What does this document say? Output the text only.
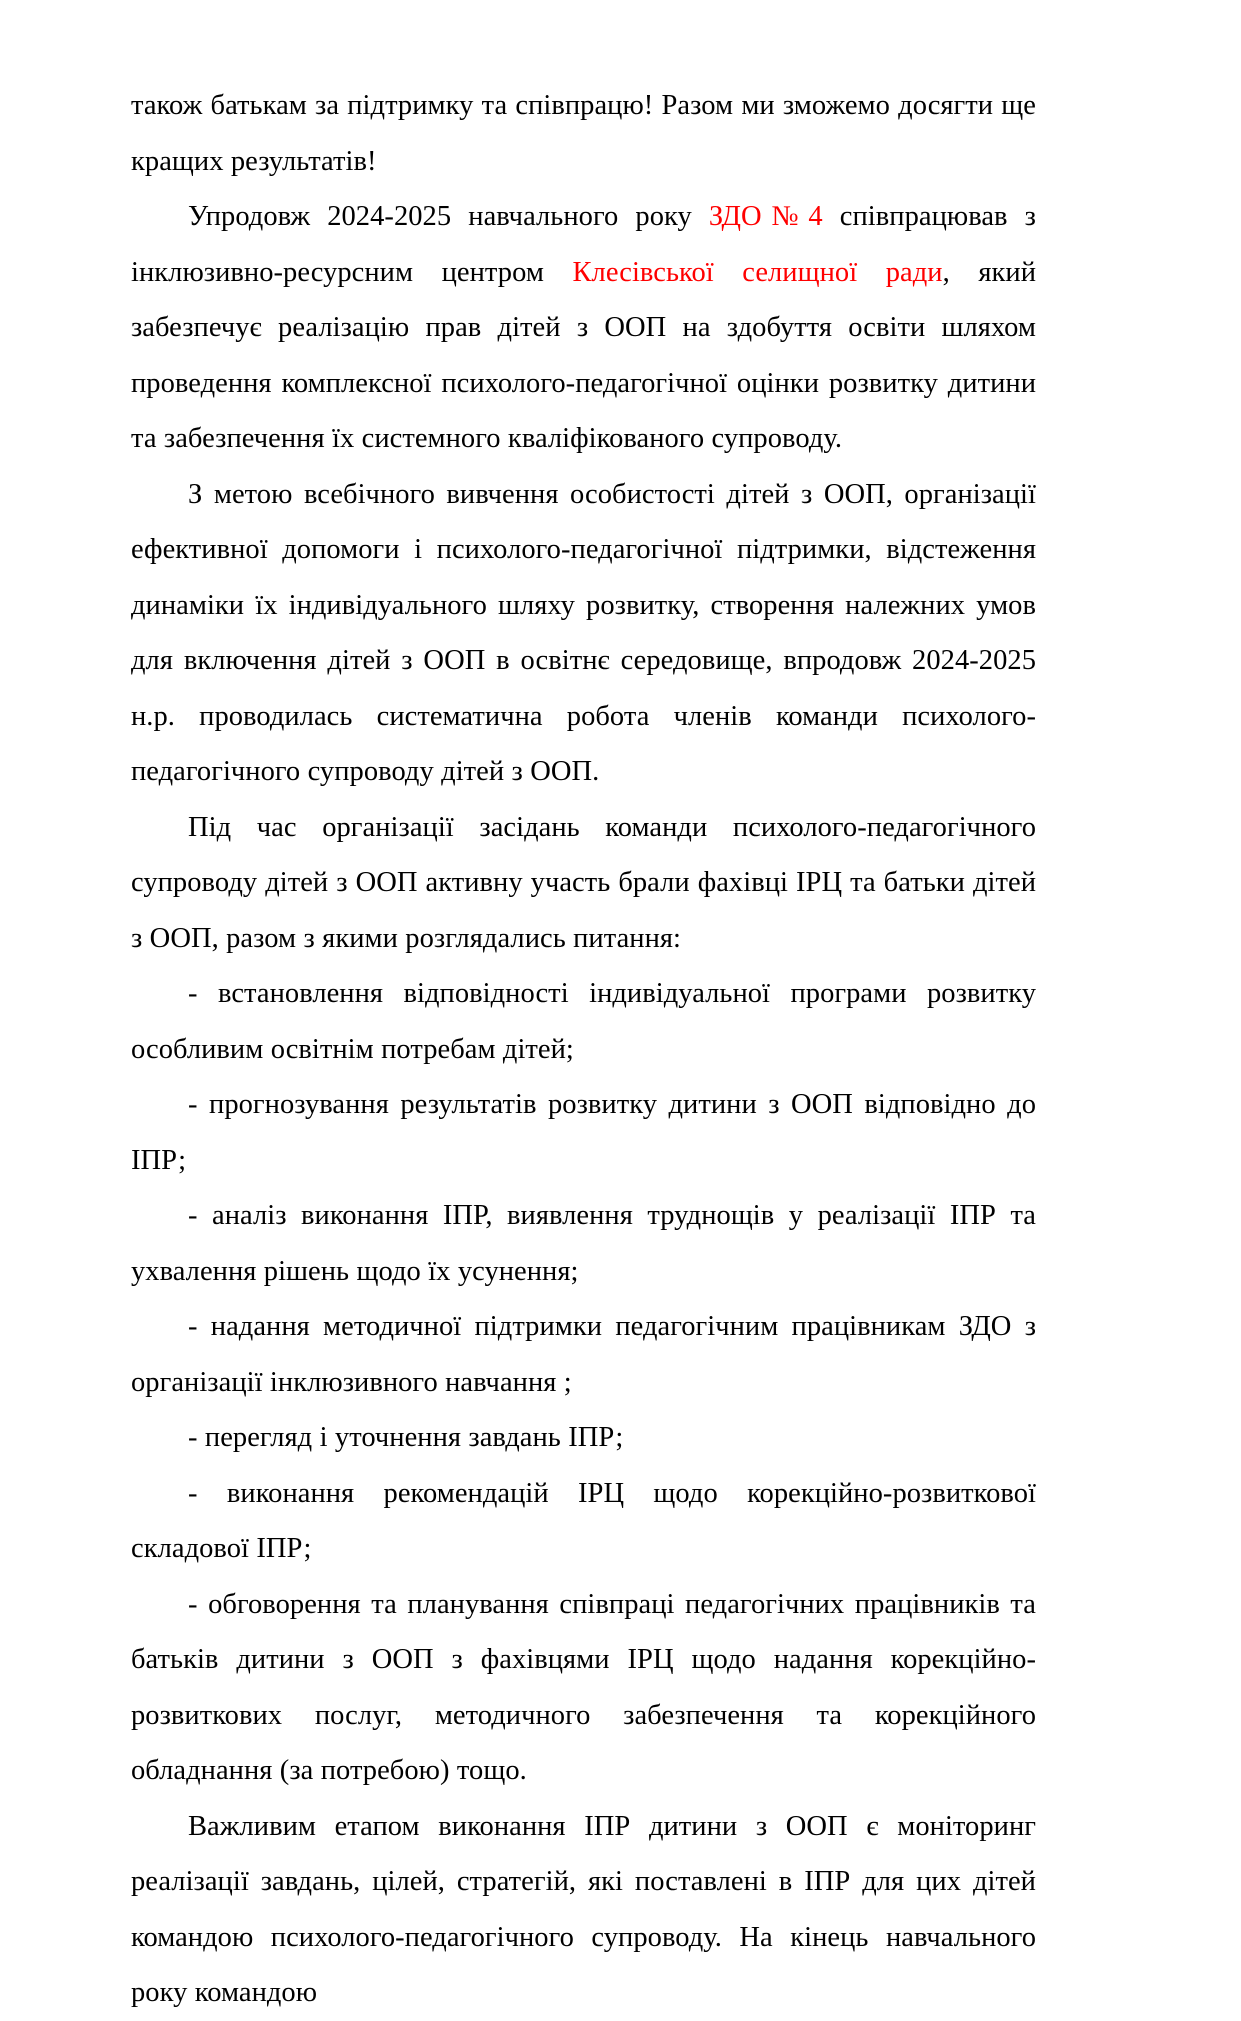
також батькам за підтримку та співпрацю! Разом ми зможемо досягти ще кращих результатів!

Упродовж 2024-2025 навчального року ЗДО№4 співпрацював з інклюзивно-ресурсним центром Клесівської селищної ради, який забезпечує реалізацію прав дітей з ООП на здобуття освіти шляхом проведення комплексної психолого-педагогічної оцінки розвитку дитини та забезпечення їх системного кваліфікованого супроводу.

З метою всебічного вивчення особистості дітей з ООП, організації ефективної допомоги і психолого-педагогічної підтримки, відстеження динаміки їх індивідуального шляху розвитку, створення належних умов для включення дітей з ООП в освітнє середовище, впродовж 2024-2025 н.р. проводилась систематична робота членів команди психолого-педагогічного супроводу дітей з ООП.

Під час організації засідань команди психолого-педагогічного супроводу дітей з ООП активну участь брали фахівці ІРЦ та батьки дітей з ООП, разом з якими розглядались питання:

- встановлення відповідності індивідуальної програми розвитку особливим освітнім потребам дітей;

- прогнозування результатів розвитку дитини з ООП відповідно до ІПР;

- аналіз виконання ІПР, виявлення труднощів у реалізації ІПР та ухвалення рішень щодо їх усунення;

- надання методичної підтримки педагогічним працівникам ЗДО з організації інклюзивного навчання ;

- перегляд і уточнення завдань ІПР;

- виконання рекомендацій ІРЦ щодо корекційно-розвиткової складової ІПР;

- обговорення та планування співпраці педагогічних працівників та батьків дитини з ООП з фахівцями ІРЦ щодо надання корекційно-розвиткових послуг, методичного забезпечення та корекційного обладнання (за потребою) тощо.

Важливим етапом виконання ІПР дитини з ООП є моніторинг реалізації завдань, цілей, стратегій, які поставлені в ІПР для цих дітей командою психолого-педагогічного супроводу. На кінець навчального року командою
